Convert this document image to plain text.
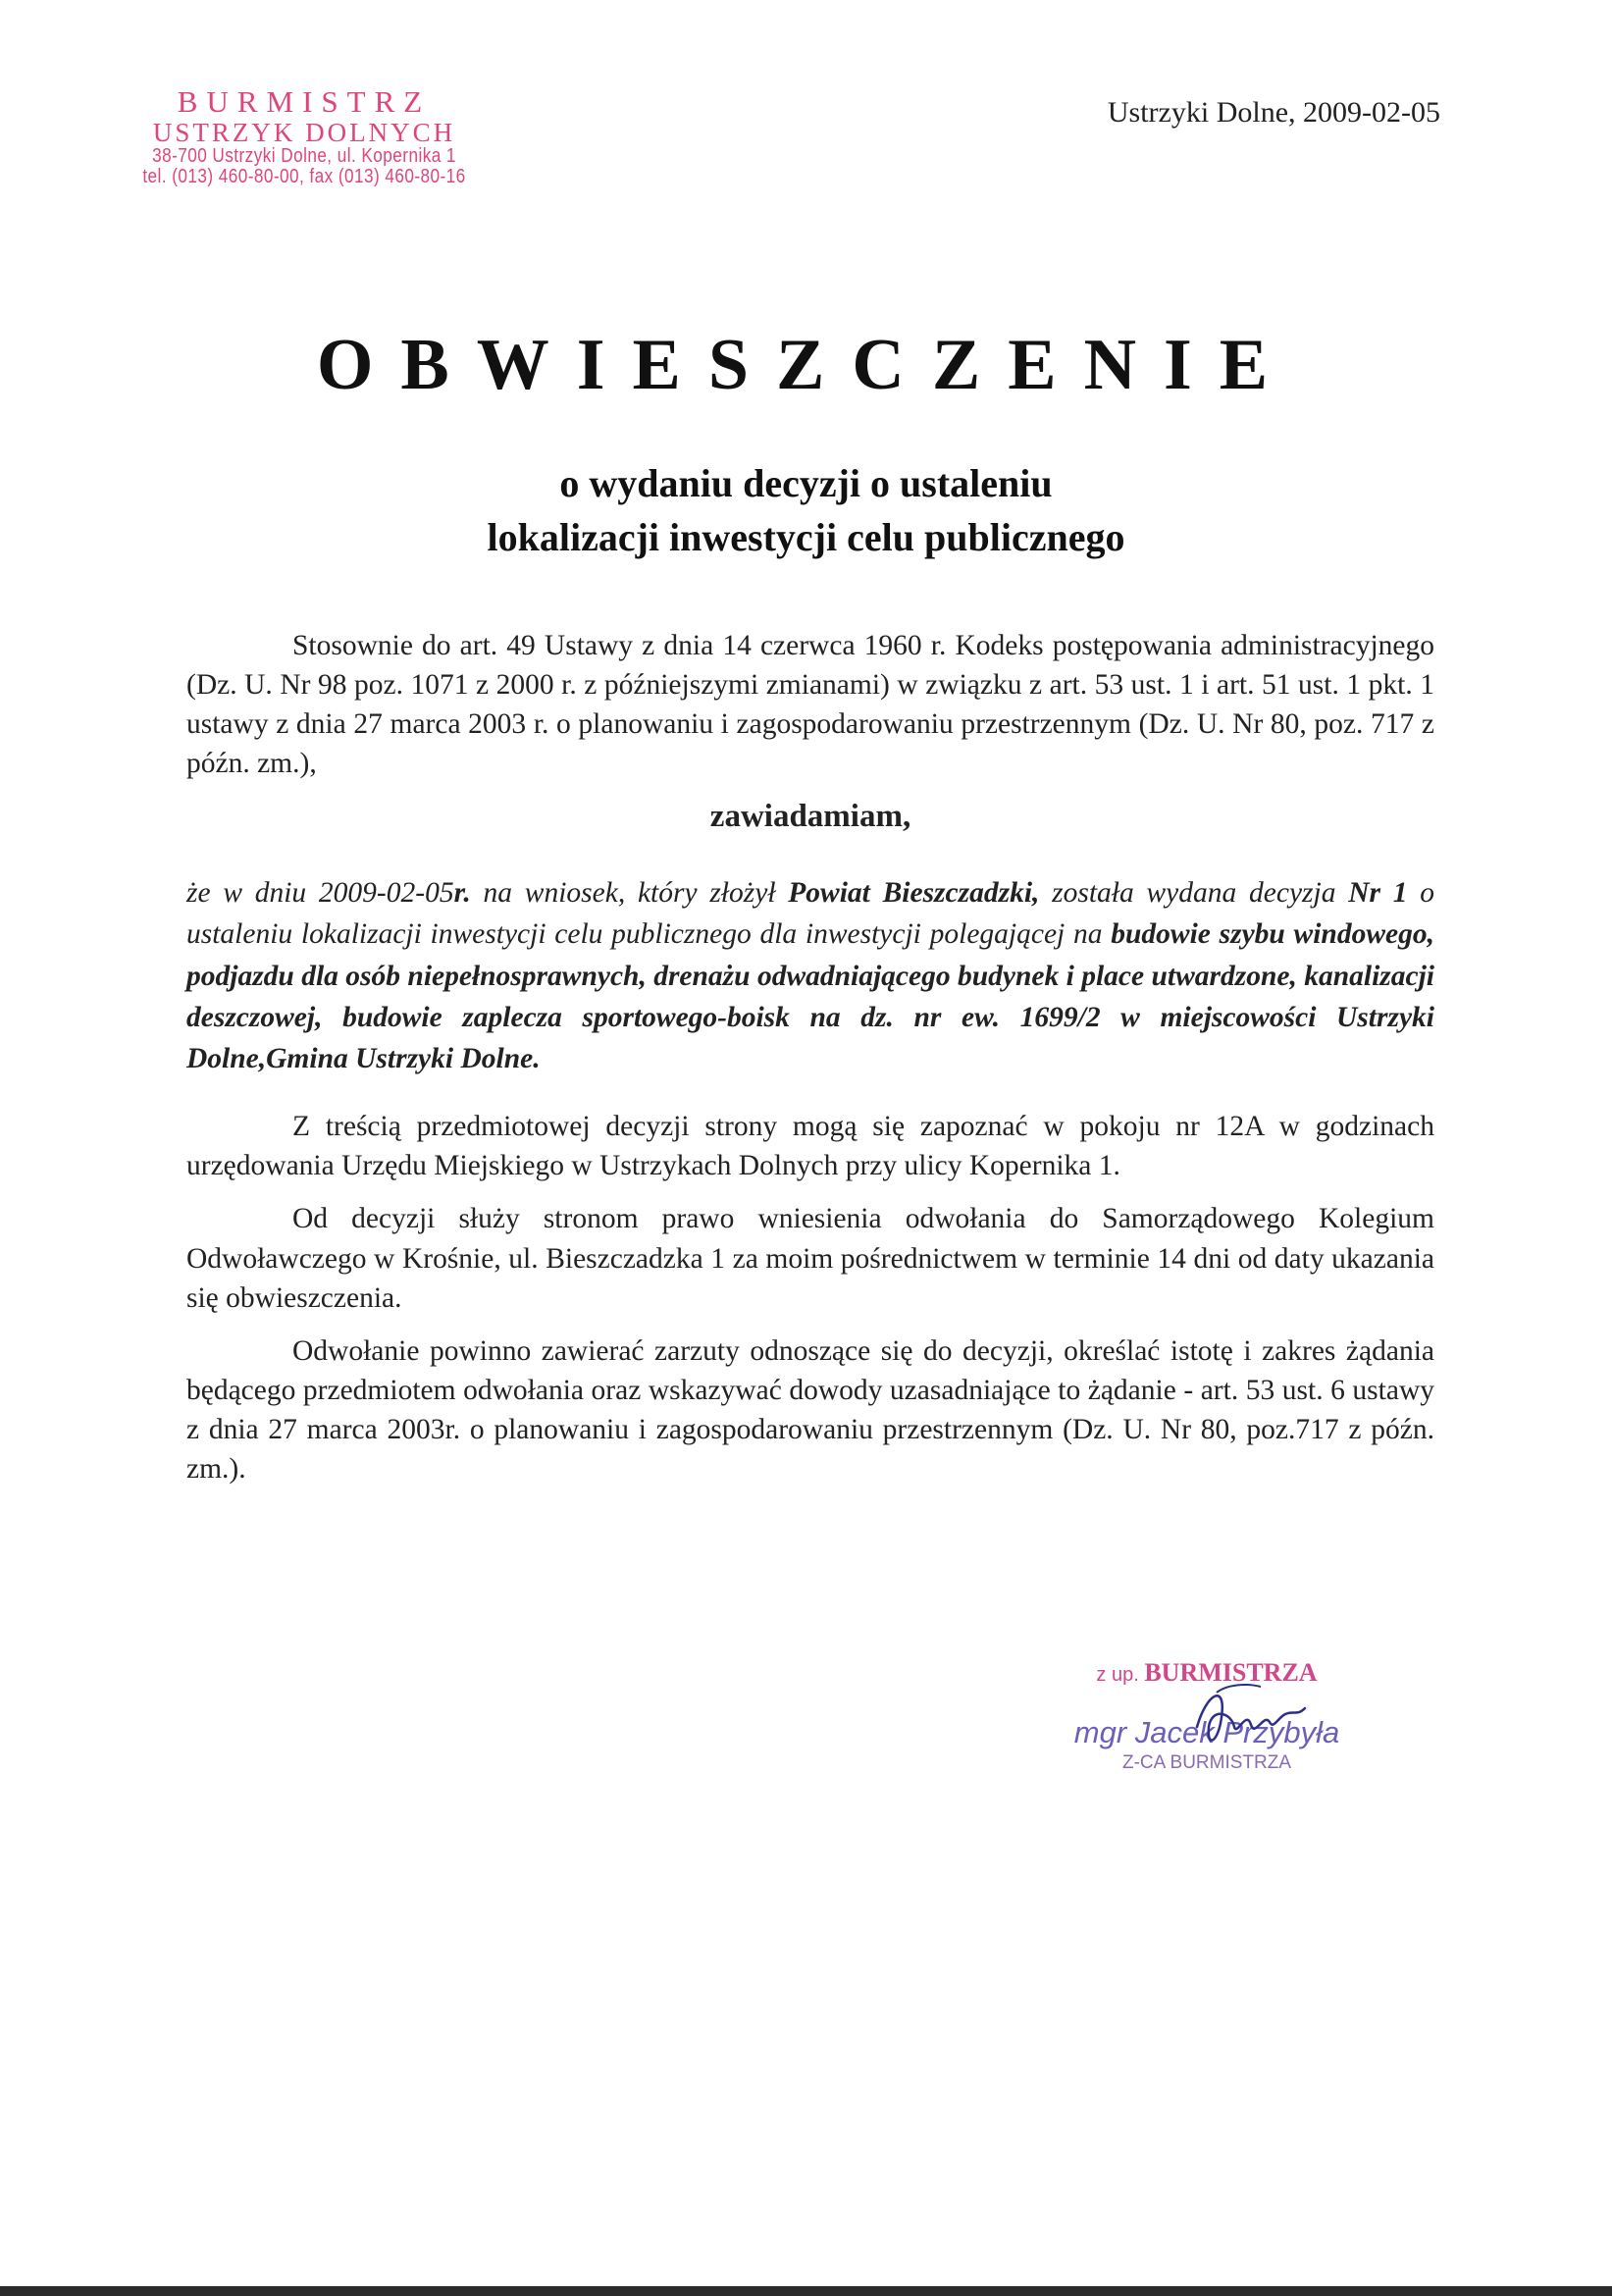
BURMISTRZ
USTRZYK DOLNYCH
38-700 Ustrzyki Dolne, ul. Kopernika 1
tel. (013) 460-80-00, fax (013) 460-80-16
Ustrzyki Dolne, 2009-02-05
OBWIESZCZENIE
o wydaniu decyzji o ustaleniu
lokalizacji inwestycji celu publicznego

Stosownie do art. 49 Ustawy z dnia 14 czerwca 1960 r. Kodeks postępowania administracyjnego (Dz. U. Nr 98 poz. 1071 z 2000 r. z późniejszymi zmianami) w związku z art. 53 ust. 1 i art. 51 ust. 1 pkt. 1 ustawy z dnia 27 marca 2003 r. o planowaniu i zagospodarowaniu przestrzennym (Dz. U. Nr 80, poz. 717 z późn. zm.),

zawiadamiam,

że w dniu 2009-02-05r. na wniosek, który złożył Powiat Bieszczadzki, została wydana decyzja Nr 1 o ustaleniu lokalizacji inwestycji celu publicznego dla inwestycji polegającej na budowie szybu windowego, podjazdu dla osób niepełnosprawnych, drenażu odwadniającego budynek i place utwardzone, kanalizacji deszczowej, budowie zaplecza sportowego-boisk na dz. nr ew. 1699/2 w miejscowości Ustrzyki Dolne,Gmina Ustrzyki Dolne.

Z treścią przedmiotowej decyzji strony mogą się zapoznać w pokoju nr 12A w godzinach urzędowania Urzędu Miejskiego w Ustrzykach Dolnych przy ulicy Kopernika 1.

Od decyzji służy stronom prawo wniesienia odwołania do Samorządowego Kolegium Odwoławczego w Krośnie, ul. Bieszczadzka 1 za moim pośrednictwem w terminie 14 dni od daty ukazania się obwieszczenia.

Odwołanie powinno zawierać zarzuty odnoszące się do decyzji, określać istotę i zakres żądania będącego przedmiotem odwołania oraz wskazywać dowody uzasadniające to żądanie - art. 53 ust. 6 ustawy z dnia 27 marca 2003r. o planowaniu i zagospodarowaniu przestrzennym (Dz. U. Nr 80, poz.717 z późn. zm.).

z up. BURMISTRZA
mgr Jacek Przybyła
Z-CA BURMISTRZA
